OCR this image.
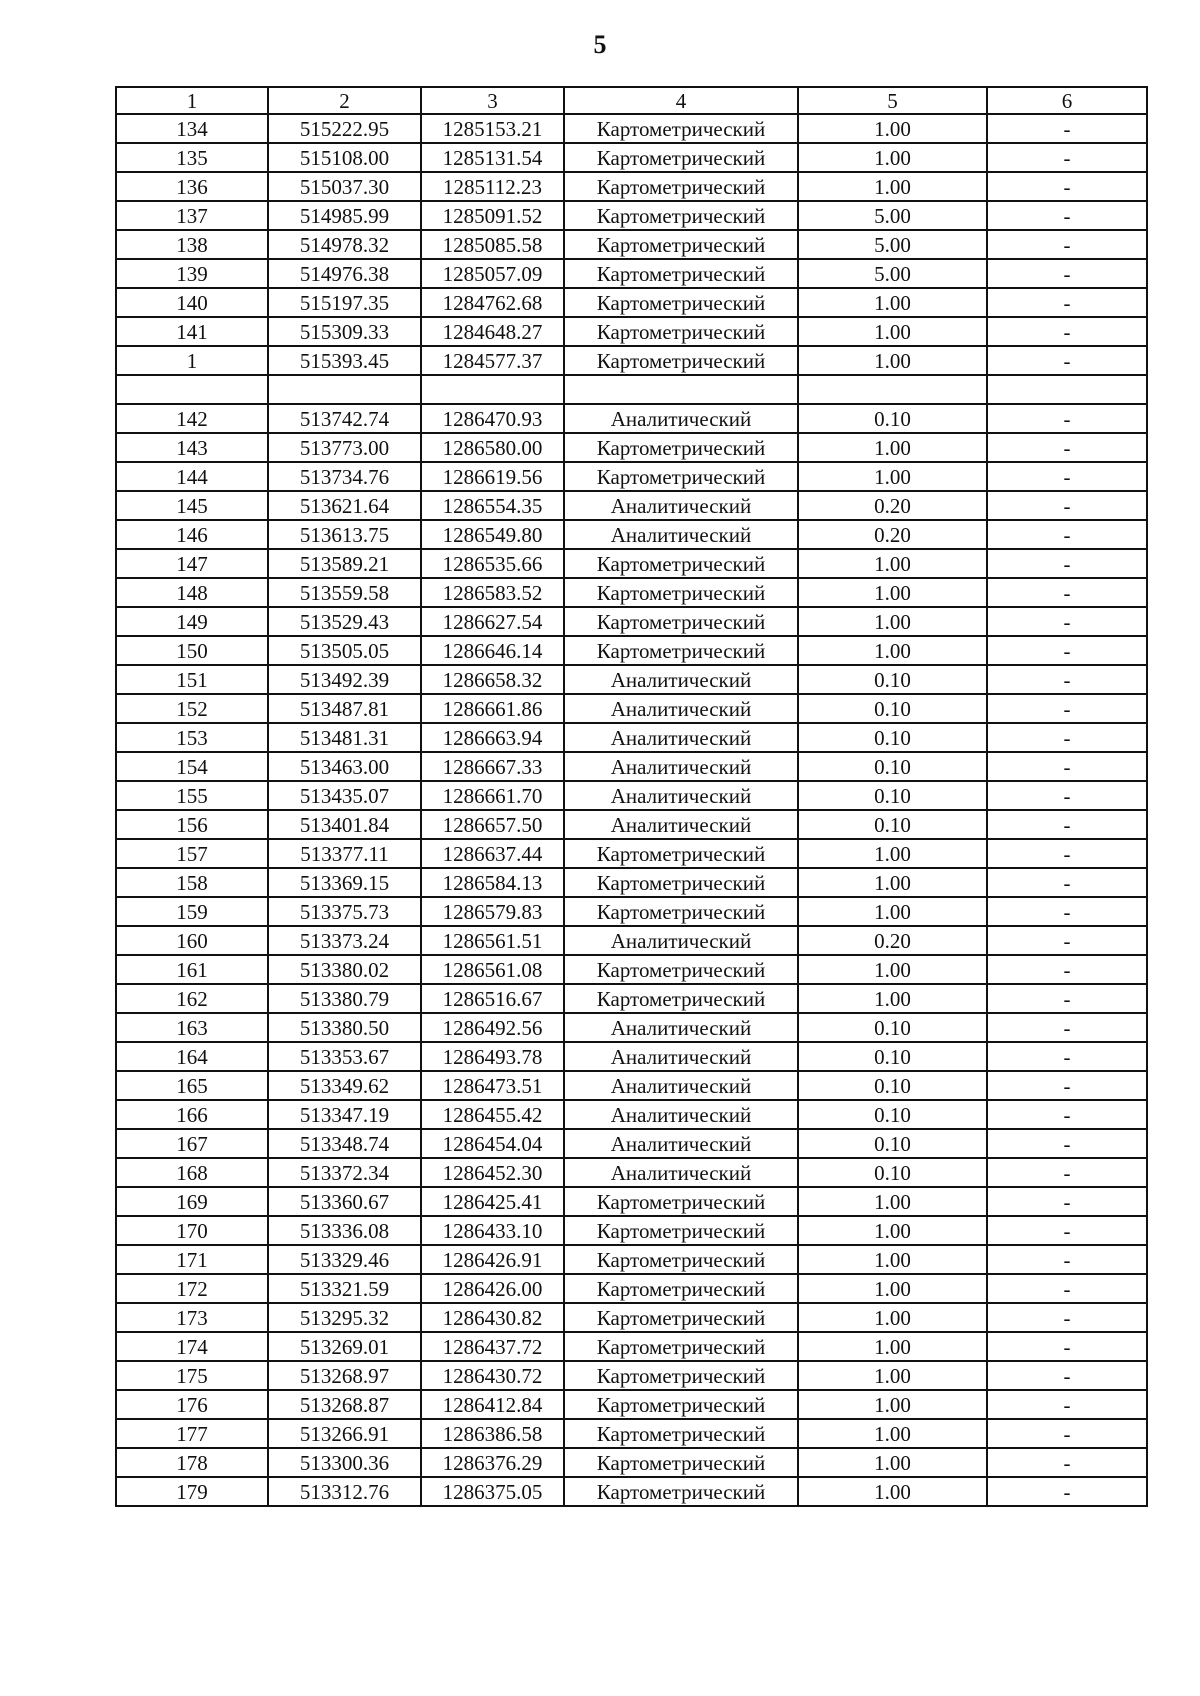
5
1	2	3	4	5	6
134	515222.95	1285153.21	Картометрический	1.00	-
135	515108.00	1285131.54	Картометрический	1.00	-
136	515037.30	1285112.23	Картометрический	1.00	-
137	514985.99	1285091.52	Картометрический	5.00	-
138	514978.32	1285085.58	Картометрический	5.00	-
139	514976.38	1285057.09	Картометрический	5.00	-
140	515197.35	1284762.68	Картометрический	1.00	-
141	515309.33	1284648.27	Картометрический	1.00	-
1	515393.45	1284577.37	Картометрический	1.00	-

142	513742.74	1286470.93	Аналитический	0.10	-
143	513773.00	1286580.00	Картометрический	1.00	-
144	513734.76	1286619.56	Картометрический	1.00	-
145	513621.64	1286554.35	Аналитический	0.20	-
146	513613.75	1286549.80	Аналитический	0.20	-
147	513589.21	1286535.66	Картометрический	1.00	-
148	513559.58	1286583.52	Картометрический	1.00	-
149	513529.43	1286627.54	Картометрический	1.00	-
150	513505.05	1286646.14	Картометрический	1.00	-
151	513492.39	1286658.32	Аналитический	0.10	-
152	513487.81	1286661.86	Аналитический	0.10	-
153	513481.31	1286663.94	Аналитический	0.10	-
154	513463.00	1286667.33	Аналитический	0.10	-
155	513435.07	1286661.70	Аналитический	0.10	-
156	513401.84	1286657.50	Аналитический	0.10	-
157	513377.11	1286637.44	Картометрический	1.00	-
158	513369.15	1286584.13	Картометрический	1.00	-
159	513375.73	1286579.83	Картометрический	1.00	-
160	513373.24	1286561.51	Аналитический	0.20	-
161	513380.02	1286561.08	Картометрический	1.00	-
162	513380.79	1286516.67	Картометрический	1.00	-
163	513380.50	1286492.56	Аналитический	0.10	-
164	513353.67	1286493.78	Аналитический	0.10	-
165	513349.62	1286473.51	Аналитический	0.10	-
166	513347.19	1286455.42	Аналитический	0.10	-
167	513348.74	1286454.04	Аналитический	0.10	-
168	513372.34	1286452.30	Аналитический	0.10	-
169	513360.67	1286425.41	Картометрический	1.00	-
170	513336.08	1286433.10	Картометрический	1.00	-
171	513329.46	1286426.91	Картометрический	1.00	-
172	513321.59	1286426.00	Картометрический	1.00	-
173	513295.32	1286430.82	Картометрический	1.00	-
174	513269.01	1286437.72	Картометрический	1.00	-
175	513268.97	1286430.72	Картометрический	1.00	-
176	513268.87	1286412.84	Картометрический	1.00	-
177	513266.91	1286386.58	Картометрический	1.00	-
178	513300.36	1286376.29	Картометрический	1.00	-
179	513312.76	1286375.05	Картометрический	1.00	-
